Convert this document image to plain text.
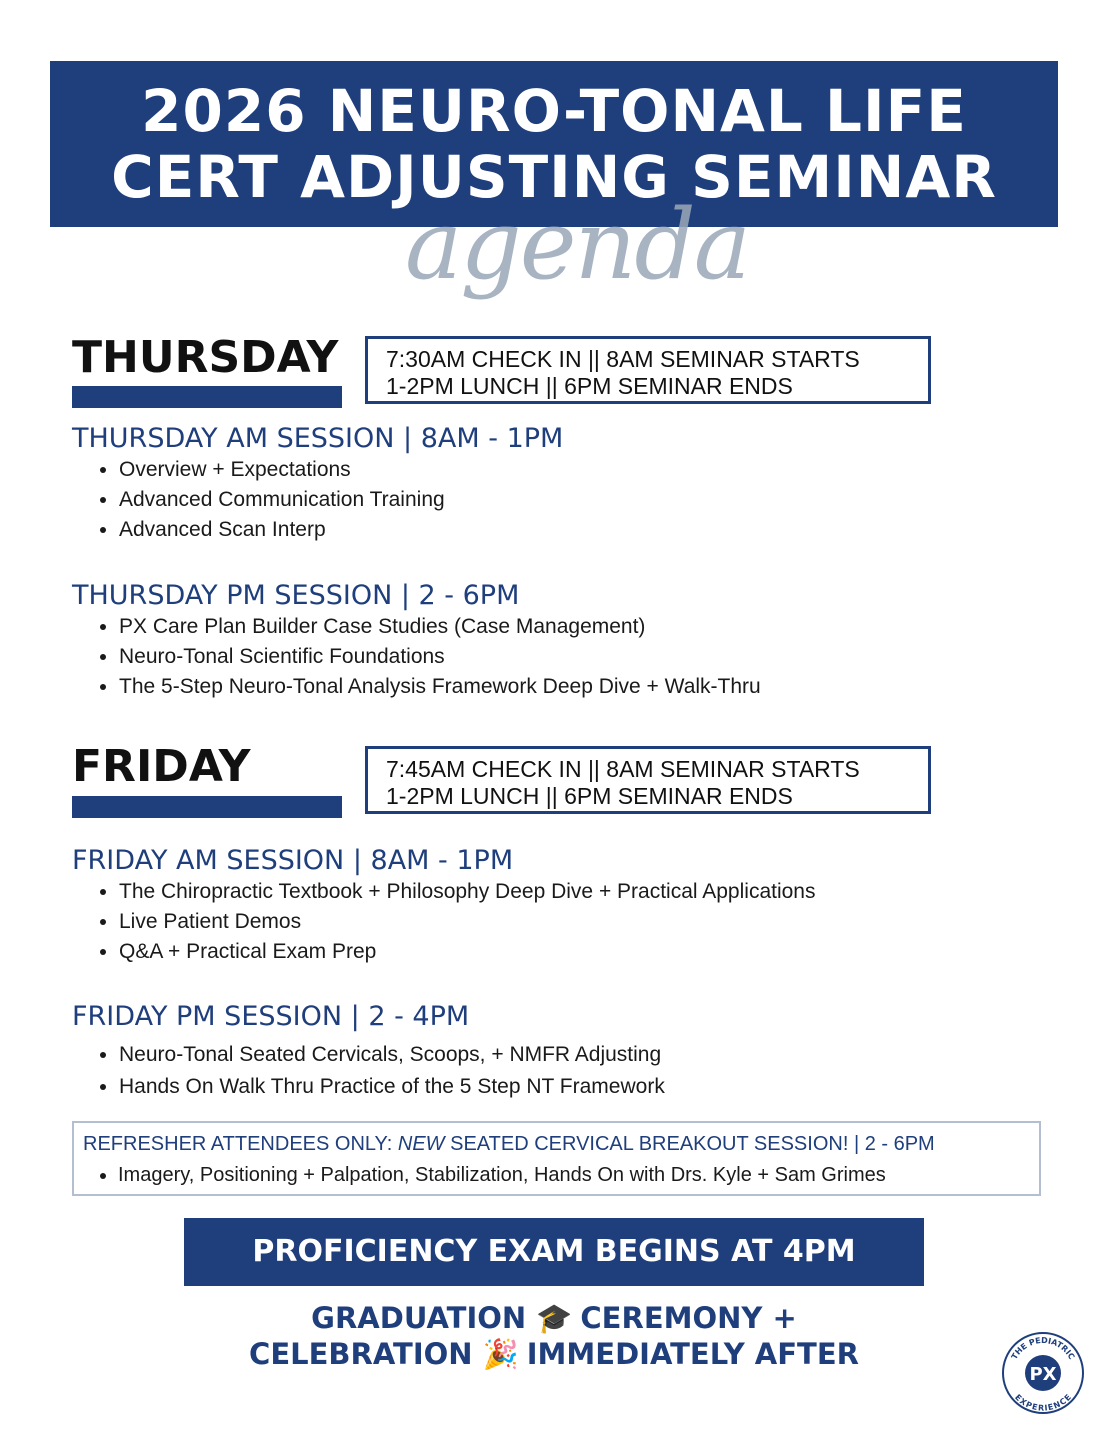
2026 NEURO-TONAL LIFE
CERT ADJUSTING SEMINAR
agenda
THURSDAY 7:30AM CHECK IN || 8AM SEMINAR STARTS
1-2PM LUNCH || 6PM SEMINAR ENDS
THURSDAY AM SESSION | 8AM - 1PM
• Overview + Expectations
• Advanced Communication Training
• Advanced Scan Interp
THURSDAY PM SESSION | 2 - 6PM
• PX Care Plan Builder Case Studies (Case Management)
• Neuro-Tonal Scientific Foundations
• The 5-Step Neuro-Tonal Analysis Framework Deep Dive + Walk-Thru
FRIDAY	7:45AM CHECK IN || 8AM SEMINAR STARTS
1-2PM LUNCH || 6PM SEMINAR ENDS
FRIDAY AM SESSION | 8AM - 1PM
• The Chiropractic Textbook + Philosophy Deep Dive + Practical Applications
• Live Patient Demos
• Q&A + Practical Exam Prep
FRIDAY PM SESSION | 2 - 4PM
• Neuro-Tonal Seated Cervicals, Scoops, + NMFR Adjusting
• Hands On Walk Thru Practice of the 5 Step NT Framework
REFRESHER ATTENDEES ONLY: NEW SEATED CERVICAL BREAKOUT SESSION! | 2 - 6PM
• Imagery, Positioning + Palpation, Stabilization, Hands On with Drs. Kyle + Sam Grimes
PROFICIENCY EXAM BEGINS AT 4PM
GRADUATION 🎓 CEREMONY +
CELEBRATION 🎉 IMMEDIATELY AFTER
PX
THE PEDIATRIC
EXPERIENCE
